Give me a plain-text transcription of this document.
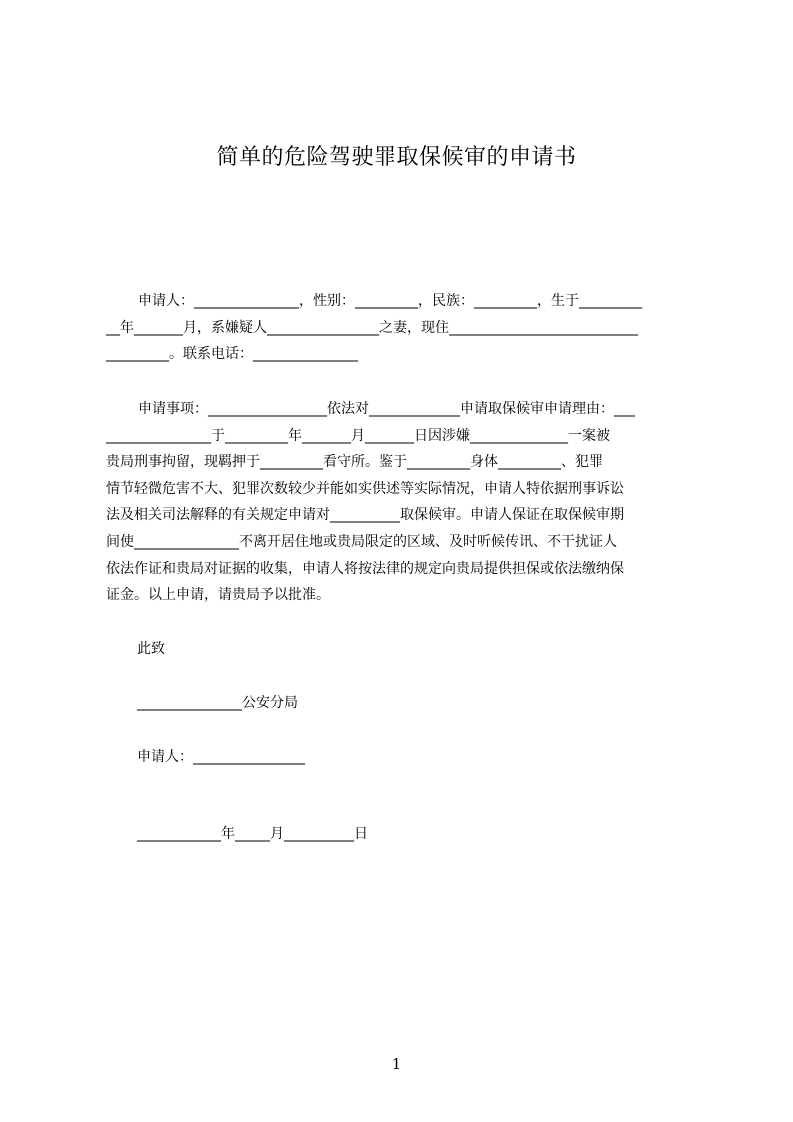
简单的危险驾驶罪取保候审的申请书
申请人：_______________，性别：_________，民族：_________，生于_________
__年_______月，系嫌疑人________________之妻，现住___________________________
_________。联系电话：_______________
申请事项：_________________依法对_____________申请取保候审申请理由：___
_______________于_________年_______月_______日因涉嫌______________一案被
贵局刑事拘留，现羁押于_________看守所。鉴于_________身体_________、犯罪
情节轻微危害不大、犯罪次数较少并能如实供述等实际情况，申请人特依据刑事诉讼
法及相关司法解释的有关规定申请对__________取保候审。申请人保证在取保候审期
间使_______________不离开居住地或贵局限定的区域、及时听候传讯、不干扰证人
依法作证和贵局对证据的收集，申请人将按法律的规定向贵局提供担保或依法缴纳保
证金。以上申请，请贵局予以批准。
此致
_______________公安分局
申请人：________________
____________年_____月__________日
1
